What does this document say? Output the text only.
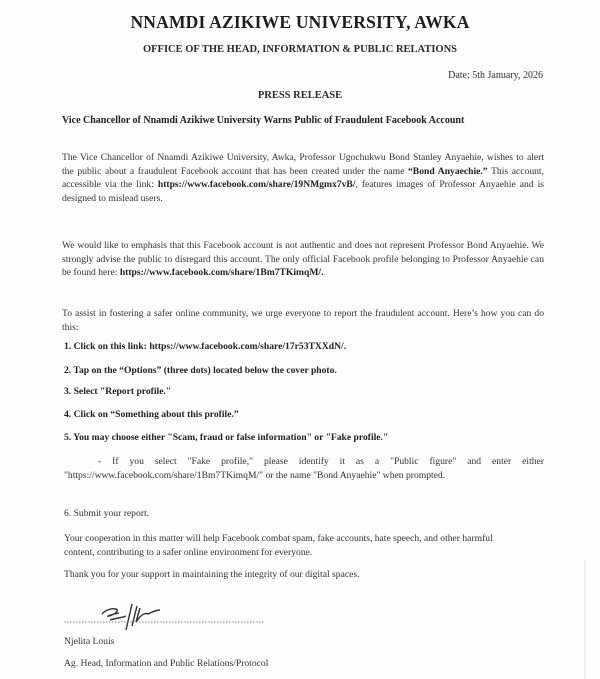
NNAMDI AZIKIWE UNIVERSITY, AWKA
OFFICE OF THE HEAD, INFORMATION & PUBLIC RELATIONS
Date: 5th January, 2026
PRESS RELEASE
Vice Chancellor of Nnamdi Azikiwe University Warns Public of Fraudulent Facebook Account
The Vice Chancellor of Nnamdi Azikiwe University, Awka, Professor Ugochukwu Bond Stanley Anyaehie, wishes to alert the public about a fraudulent Facebook account that has been created under the name “Bond Anyaechie.” This account, accessible via the link: https://www.facebook.com/share/19NMgmx7vB/, features images of Professor Anyaehie and is designed to mislead users.
We would like to emphasis that this Facebook account is not authentic and does not represent Professor Bond Anyaehie. We strongly advise the public to disregard this account. The only official Facebook profile belonging to Professor Anyaehie can be found here: https://www.facebook.com/share/1Bm7TKimqM/.
To assist in fostering a safer online community, we urge everyone to report the fraudulent account. Here’s how you can do this:
1. Click on this link: https://www.facebook.com/share/17r53TXXdN/.
2. Tap on the “Options” (three dots) located below the cover photo.
3. Select "Report profile."
4. Click on “Something about this profile.”
5. You may choose either "Scam, fraud or false information" or "Fake profile."
- If you select "Fake profile," please identify it as a "Public figure" and enter either "https://www.facebook.com/share/1Bm7TKimqM/" or the name "Bond Anyaehie" when prompted.
6. Submit your report.
Your cooperation in this matter will help Facebook combat spam, fake accounts, hate speech, and other harmful content, contributing to a safer online environment for everyone.
Thank you for your support in maintaining the integrity of our digital spaces.
Njelita Louis
Ag. Head, Information and Public Relations/Protocol
